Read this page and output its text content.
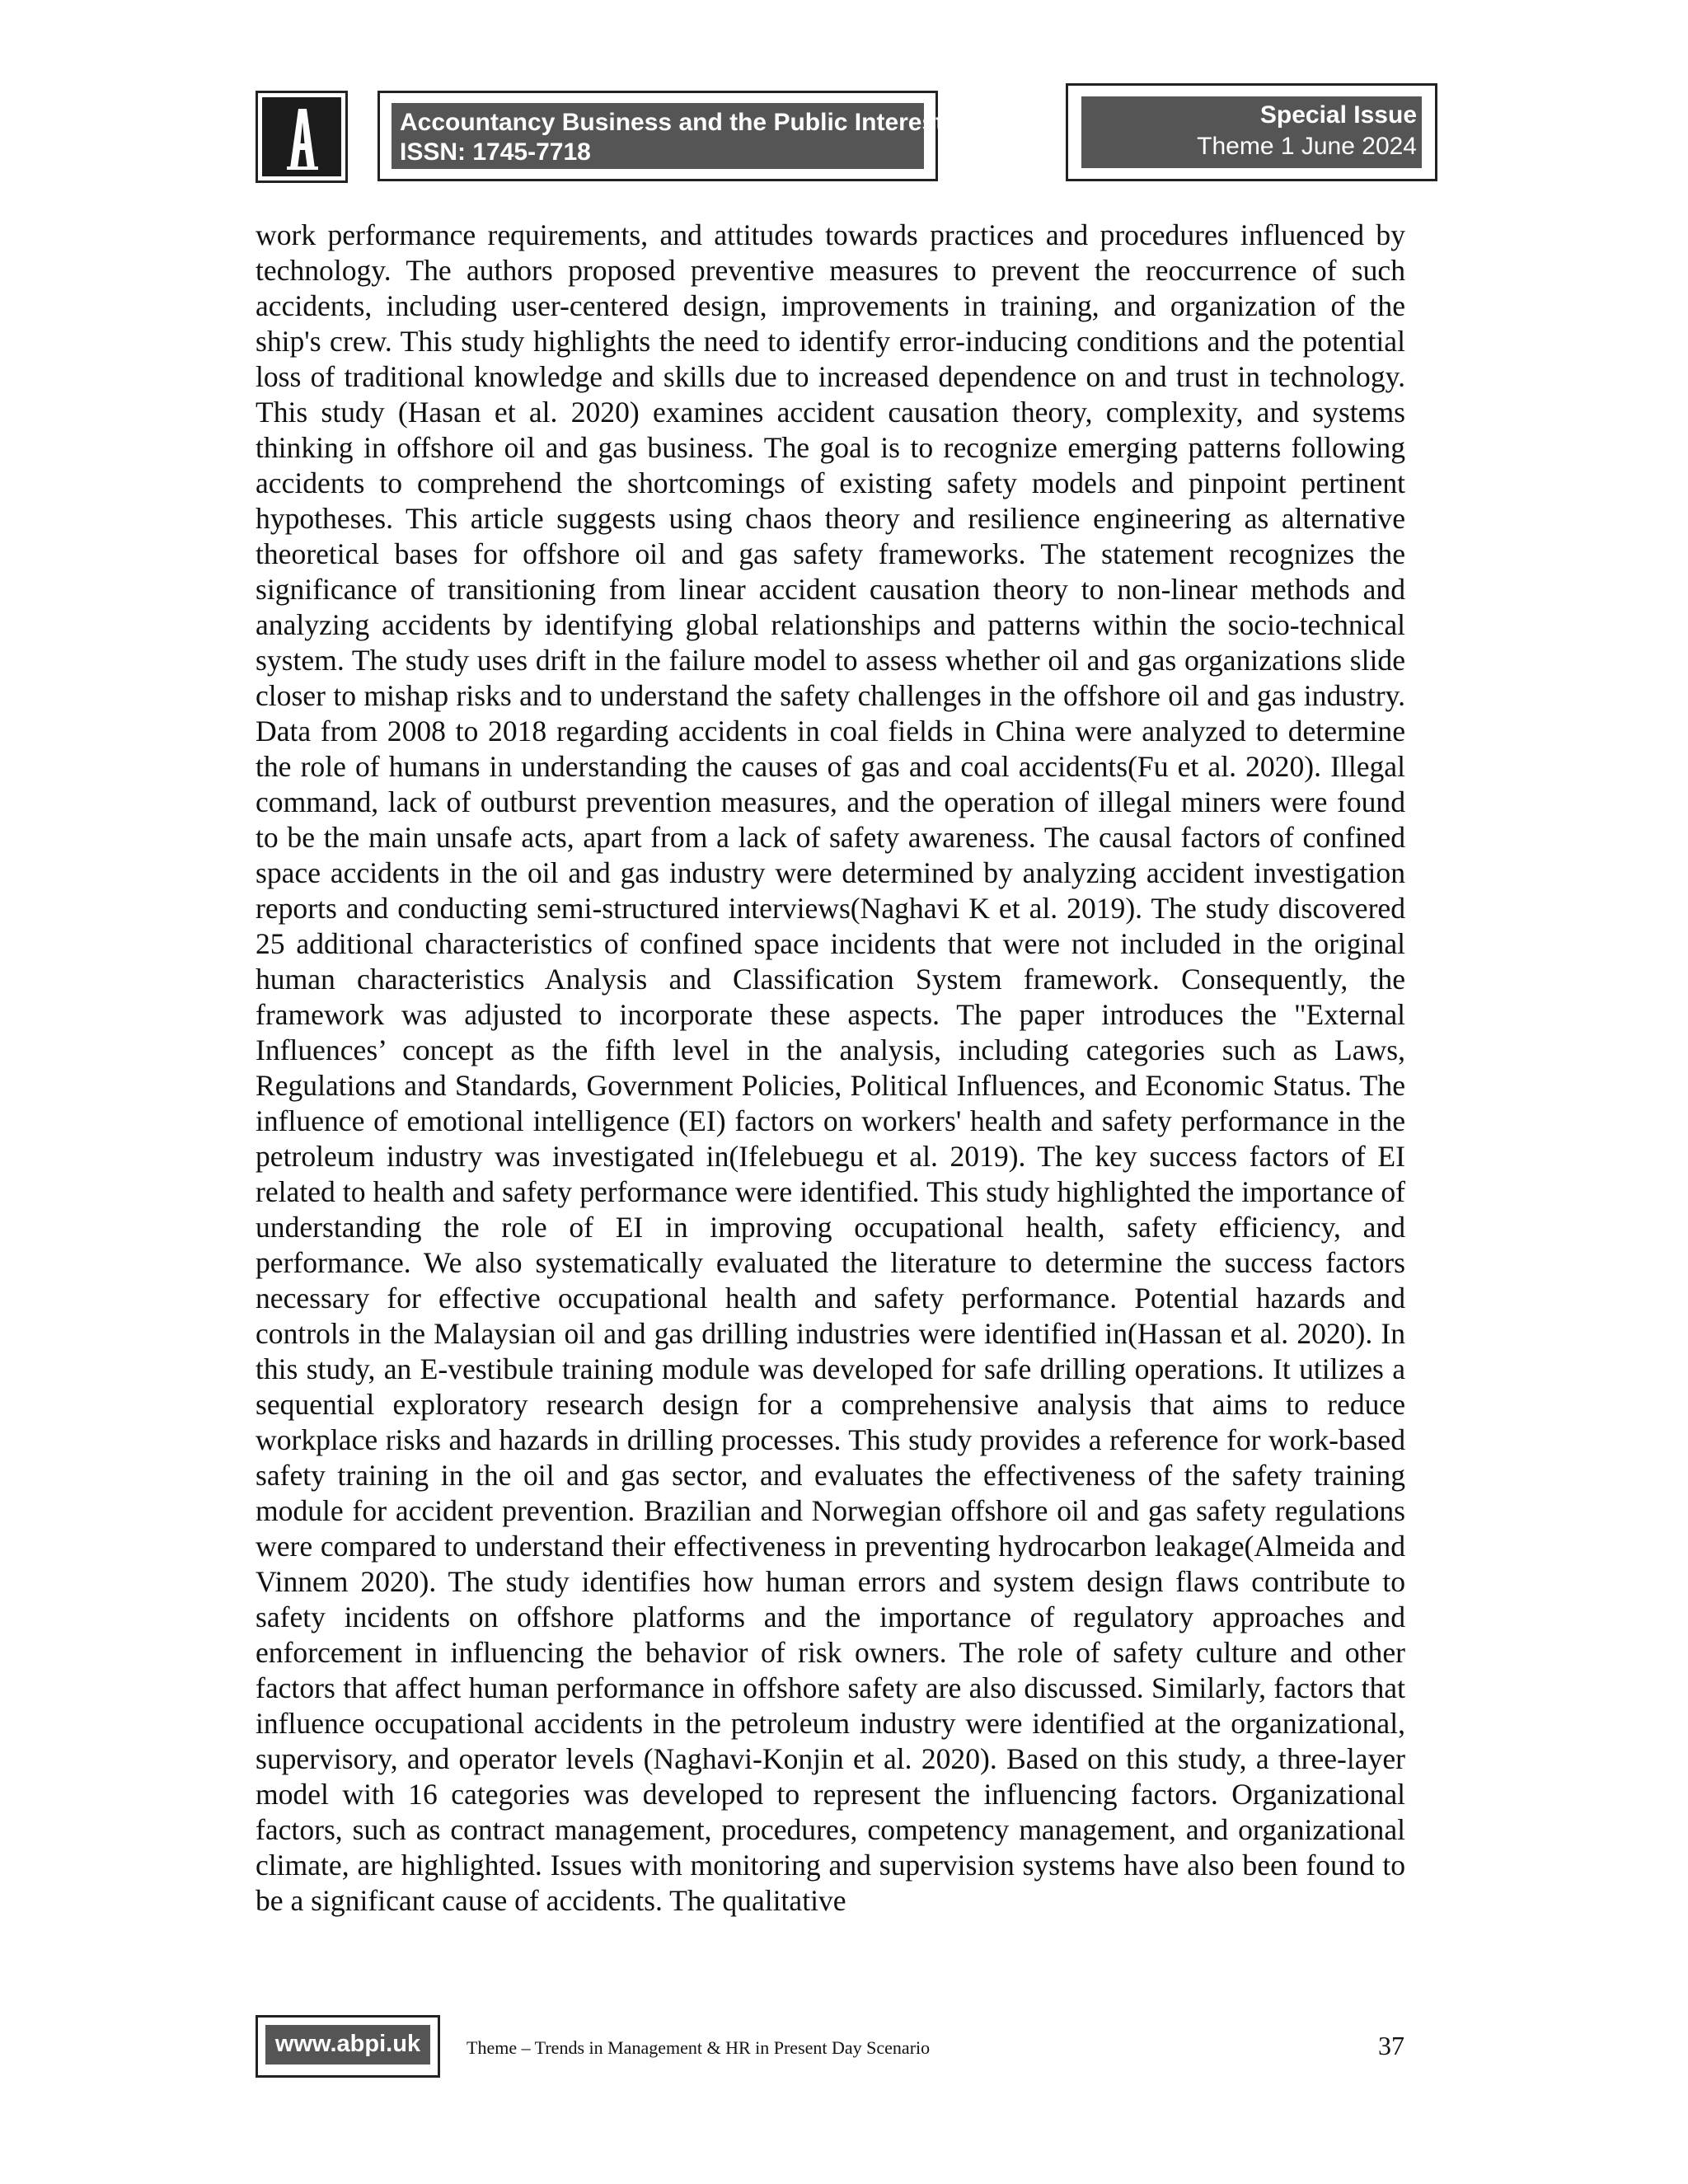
Accountancy Business and the Public Interest
ISSN: 1745-7718
Special Issue
Theme 1 June 2024

work performance requirements, and attitudes towards practices and procedures influenced by technology. The authors proposed preventive measures to prevent the reoccurrence of such accidents, including user-centered design, improvements in training, and organization of the ship's crew. This study highlights the need to identify error-inducing conditions and the potential loss of traditional knowledge and skills due to increased dependence on and trust in technology. This study (Hasan et al. 2020) examines accident causation theory, complexity, and systems thinking in offshore oil and gas business. The goal is to recognize emerging patterns following accidents to comprehend the shortcomings of existing safety models and pinpoint pertinent hypotheses. This article suggests using chaos theory and resilience engineering as alternative theoretical bases for offshore oil and gas safety frameworks. The statement recognizes the significance of transitioning from linear accident causation theory to non-linear methods and analyzing accidents by identifying global relationships and patterns within the socio-technical system. The study uses drift in the failure model to assess whether oil and gas organizations slide closer to mishap risks and to understand the safety challenges in the offshore oil and gas industry. Data from 2008 to 2018 regarding accidents in coal fields in China were analyzed to determine the role of humans in understanding the causes of gas and coal accidents(Fu et al. 2020). Illegal command, lack of outburst prevention measures, and the operation of illegal miners were found to be the main unsafe acts, apart from a lack of safety awareness. The causal factors of confined space accidents in the oil and gas industry were determined by analyzing accident investigation reports and conducting semi-structured interviews(Naghavi K et al. 2019). The study discovered 25 additional characteristics of confined space incidents that were not included in the original human characteristics Analysis and Classification System framework. Consequently, the framework was adjusted to incorporate these aspects. The paper introduces the "External Influences’ concept as the fifth level in the analysis, including categories such as Laws, Regulations and Standards, Government Policies, Political Influences, and Economic Status. The influence of emotional intelligence (EI) factors on workers' health and safety performance in the petroleum industry was investigated in(Ifelebuegu et al. 2019). The key success factors of EI related to health and safety performance were identified. This study highlighted the importance of understanding the role of EI in improving occupational health, safety efficiency, and performance. We also systematically evaluated the literature to determine the success factors necessary for effective occupational health and safety performance. Potential hazards and controls in the Malaysian oil and gas drilling industries were identified in(Hassan et al. 2020). In this study, an E-vestibule training module was developed for safe drilling operations. It utilizes a sequential exploratory research design for a comprehensive analysis that aims to reduce workplace risks and hazards in drilling processes. This study provides a reference for work-based safety training in the oil and gas sector, and evaluates the effectiveness of the safety training module for accident prevention. Brazilian and Norwegian offshore oil and gas safety regulations were compared to understand their effectiveness in preventing hydrocarbon leakage(Almeida and Vinnem 2020). The study identifies how human errors and system design flaws contribute to safety incidents on offshore platforms and the importance of regulatory approaches and enforcement in influencing the behavior of risk owners. The role of safety culture and other factors that affect human performance in offshore safety are also discussed. Similarly, factors that influence occupational accidents in the petroleum industry were identified at the organizational, supervisory, and operator levels (Naghavi-Konjin et al. 2020). Based on this study, a three-layer model with 16 categories was developed to represent the influencing factors. Organizational factors, such as contract management, procedures, competency management, and organizational climate, are highlighted. Issues with monitoring and supervision systems have also been found to be a significant cause of accidents. The qualitative

www.abpi.uk	Theme – Trends in Management & HR in Present Day Scenario	37
